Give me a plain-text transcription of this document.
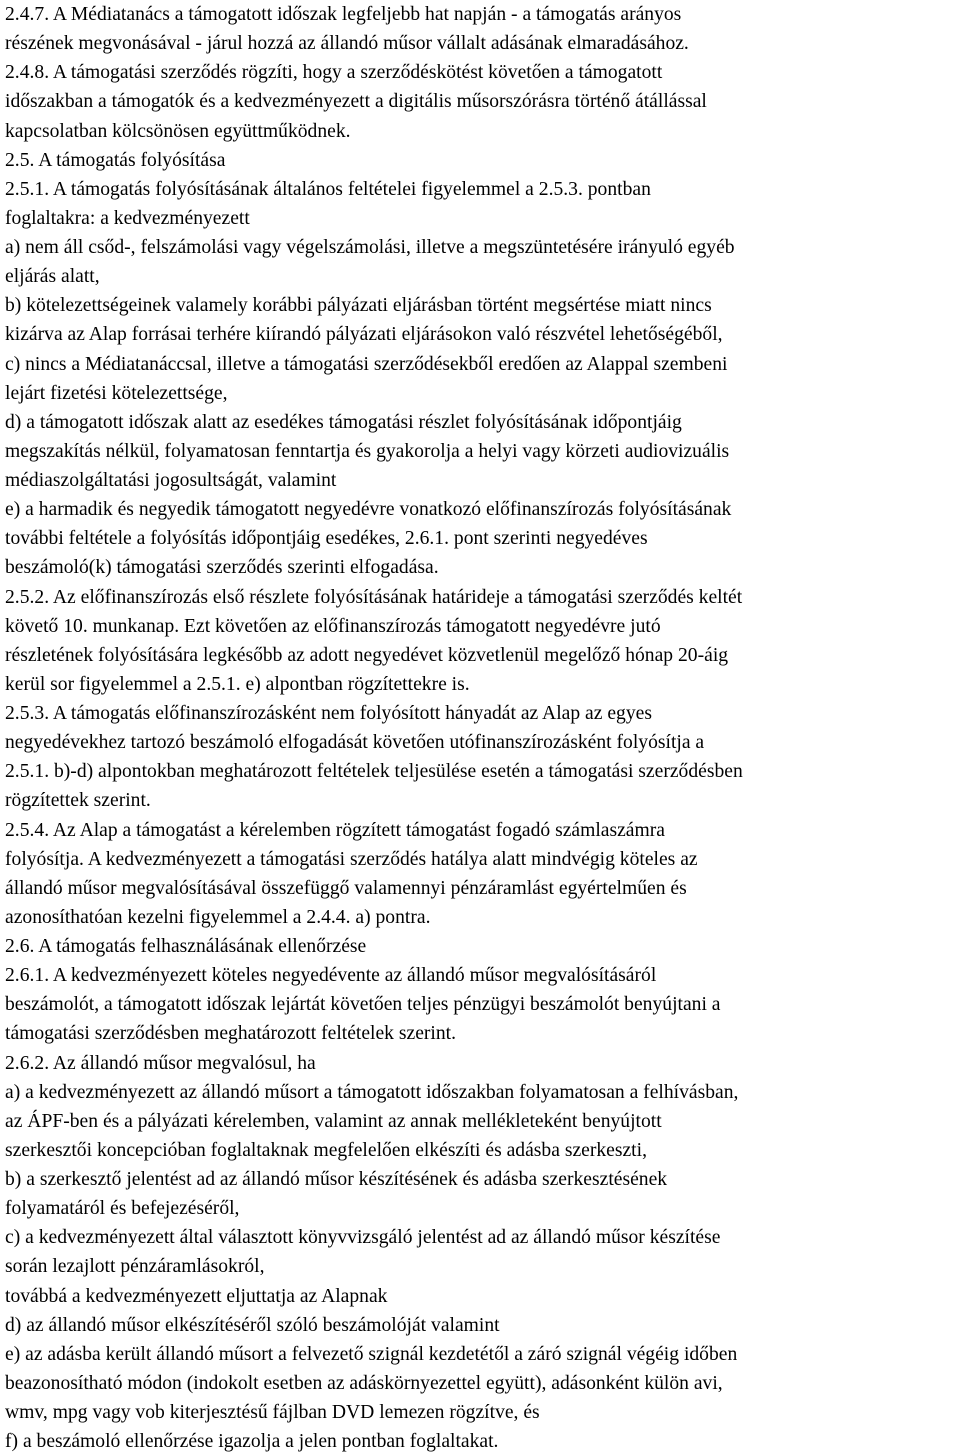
2.4.7. A Médiatanács a támogatott időszak legfeljebb hat napján - a támogatás arányos
részének megvonásával - járul hozzá az állandó műsor vállalt adásának elmaradásához.
2.4.8. A támogatási szerződés rögzíti, hogy a szerződéskötést követően a támogatott
időszakban a támogatók és a kedvezményezett a digitális műsorszórásra történő átállással
kapcsolatban kölcsönösen együttműködnek.
2.5. A támogatás folyósítása
2.5.1. A támogatás folyósításának általános feltételei figyelemmel a 2.5.3. pontban
foglaltakra: a kedvezményezett
a) nem áll csőd-, felszámolási vagy végelszámolási, illetve a megszüntetésére irányuló egyéb
eljárás alatt,
b) kötelezettségeinek valamely korábbi pályázati eljárásban történt megsértése miatt nincs
kizárva az Alap forrásai terhére kiírandó pályázati eljárásokon való részvétel lehetőségéből,
c) nincs a Médiatanáccsal, illetve a támogatási szerződésekből eredően az Alappal szembeni
lejárt fizetési kötelezettsége,
d) a támogatott időszak alatt az esedékes támogatási részlet folyósításának időpontjáig
megszakítás nélkül, folyamatosan fenntartja és gyakorolja a helyi vagy körzeti audiovizuális
médiaszolgáltatási jogosultságát, valamint
e) a harmadik és negyedik támogatott negyedévre vonatkozó előfinanszírozás folyósításának
további feltétele a folyósítás időpontjáig esedékes, 2.6.1. pont szerinti negyedéves
beszámoló(k) támogatási szerződés szerinti elfogadása.
2.5.2. Az előfinanszírozás első részlete folyósításának határideje a támogatási szerződés keltét
követő 10. munkanap. Ezt követően az előfinanszírozás támogatott negyedévre jutó
részletének folyósítására legkésőbb az adott negyedévet közvetlenül megelőző hónap 20-áig
kerül sor figyelemmel a 2.5.1. e) alpontban rögzítettekre is.
2.5.3. A támogatás előfinanszírozásként nem folyósított hányadát az Alap az egyes
negyedévekhez tartozó beszámoló elfogadását követően utófinanszírozásként folyósítja a
2.5.1. b)-d) alpontokban meghatározott feltételek teljesülése esetén a támogatási szerződésben
rögzítettek szerint.
2.5.4. Az Alap a támogatást a kérelemben rögzített támogatást fogadó számlaszámra
folyósítja. A kedvezményezett a támogatási szerződés hatálya alatt mindvégig köteles az
állandó műsor megvalósításával összefüggő valamennyi pénzáramlást egyértelműen és
azonosíthatóan kezelni figyelemmel a 2.4.4. a) pontra.
2.6. A támogatás felhasználásának ellenőrzése
2.6.1. A kedvezményezett köteles negyedévente az állandó műsor megvalósításáról
beszámolót, a támogatott időszak lejártát követően teljes pénzügyi beszámolót benyújtani a
támogatási szerződésben meghatározott feltételek szerint.
2.6.2. Az állandó műsor megvalósul, ha
a) a kedvezményezett az állandó műsort a támogatott időszakban folyamatosan a felhívásban,
az ÁPF-ben és a pályázati kérelemben, valamint az annak mellékleteként benyújtott
szerkesztői koncepcióban foglaltaknak megfelelően elkészíti és adásba szerkeszti,
b) a szerkesztő jelentést ad az állandó műsor készítésének és adásba szerkesztésének
folyamatáról és befejezéséről,
c) a kedvezményezett által választott könyvvizsgáló jelentést ad az állandó műsor készítése
során lezajlott pénzáramlásokról,
továbbá a kedvezményezett eljuttatja az Alapnak
d) az állandó műsor elkészítéséről szóló beszámolóját valamint
e) az adásba került állandó műsort a felvezető szignál kezdetétől a záró szignál végéig időben
beazonosítható módon (indokolt esetben az adáskörnyezettel együtt), adásonként külön avi,
wmv, mpg vagy vob kiterjesztésű fájlban DVD lemezen rögzítve, és
f) a beszámoló ellenőrzése igazolja a jelen pontban foglaltakat.
